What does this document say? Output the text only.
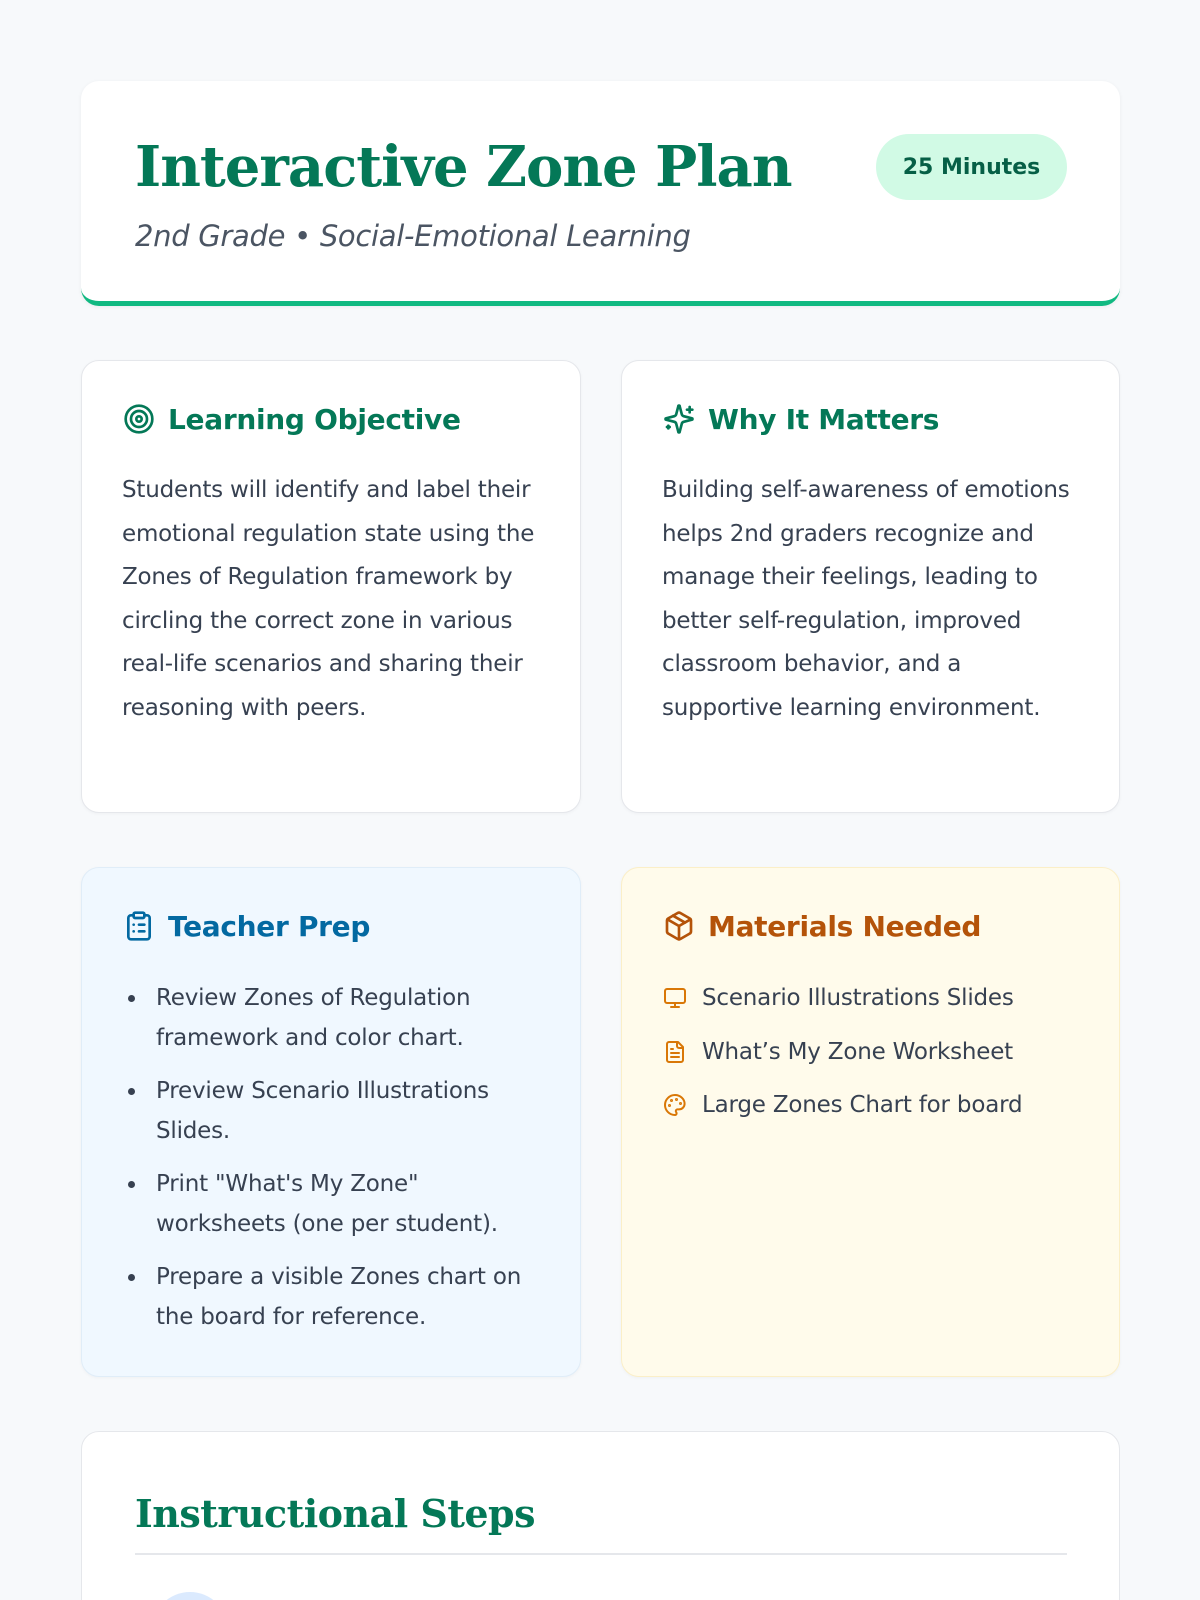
Interactive Zone Plan
2nd Grade • Social-Emotional Learning
25 Minutes
Learning Objective

Students will identify and label their emotional regulation state using the Zones of Regulation framework by circling the correct zone in various real-life scenarios and sharing their reasoning with peers.

Why It Matters

Building self-awareness of emotions helps 2nd graders recognize and manage their feelings, leading to better self-regulation, improved classroom behavior, and a supportive learning environment.

Teacher Prep
Review Zones of Regulation framework and color chart.
Preview Scenario Illustrations Slides.
Print "What's My Zone" worksheets (one per student).
Prepare a visible Zones chart on the board for reference.
Materials Needed
Scenario Illustrations Slides
What’s My Zone Worksheet
Large Zones Chart for board
Instructional Steps
